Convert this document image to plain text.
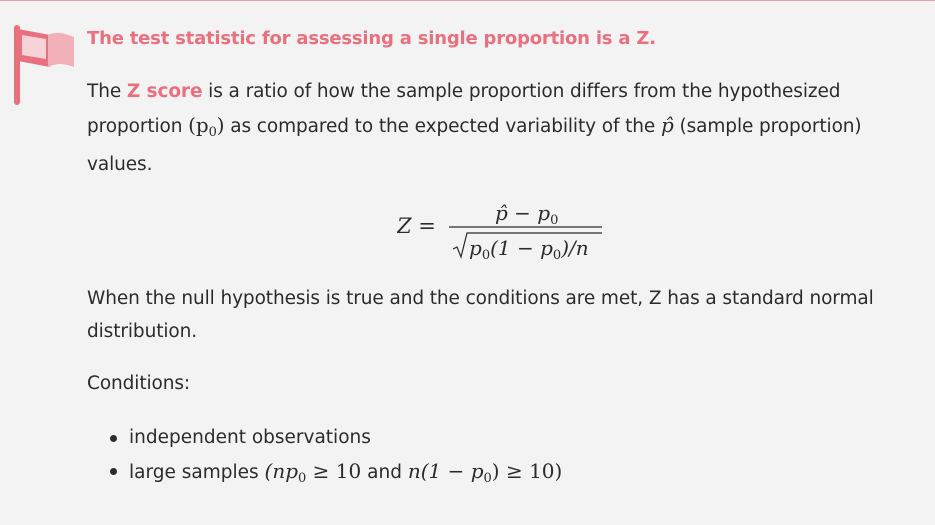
The test statistic for assessing a single proportion is a Z.

The Z score is a ratio of how the sample proportion differs from the hypothesized proportion $(p_0)$ as compared to the expected variability of the p̂ (sample proportion) values.

Z =
p̂ − $p_0$
$p_0(1 - p_0)/n$

When the null hypothesis is true and the conditions are met, Z has a standard normal distribution.

Conditions:

independent observations
large samples ($np_0 \ge 10$ and $n(1 - p_0) \ge 10$)
